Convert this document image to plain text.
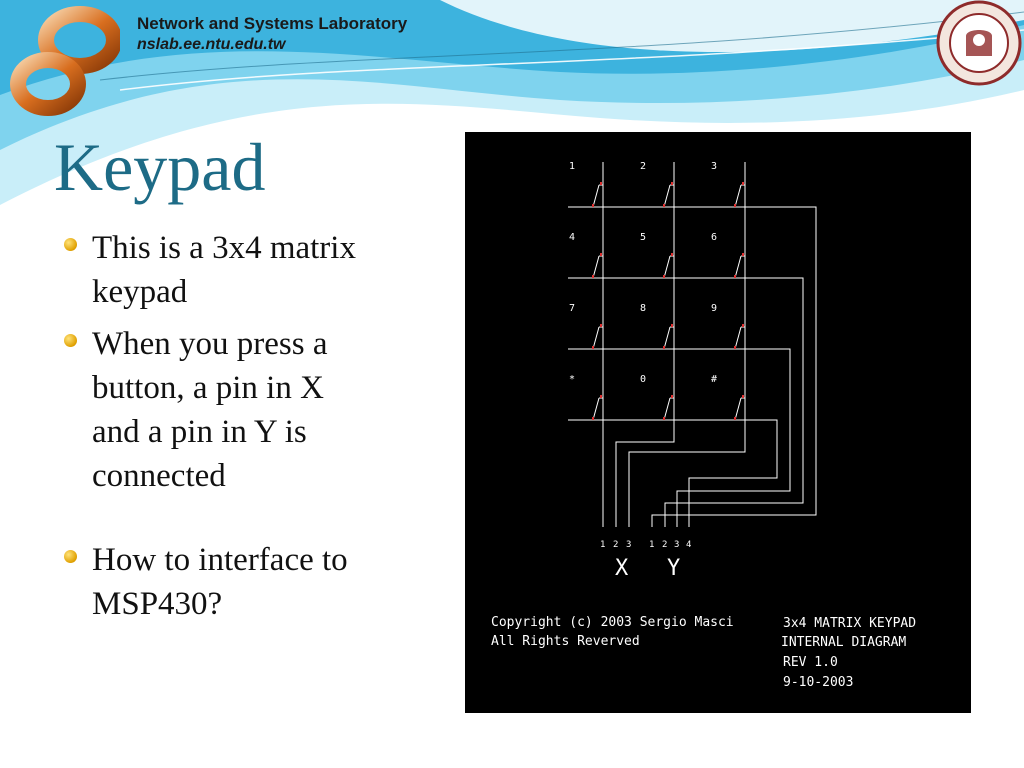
Network and Systems Laboratory
nslab.ee.ntu.edu.tw
Keypad
This is a 3x4 matrix
keypad
When you press a
button, a pin in X
and a pin in Y is
connected
How to interface to
MSP430?
1	2	3
4	5	6
7	8	9
*	0	#
1 2 3 1 2 3 4
X Y
Copyright (c) 2003 Sergio Masci
All Rights Reverved
3x4 MATRIX KEYPAD
INTERNAL DIAGRAM
REV 1.0
9-10-2003
